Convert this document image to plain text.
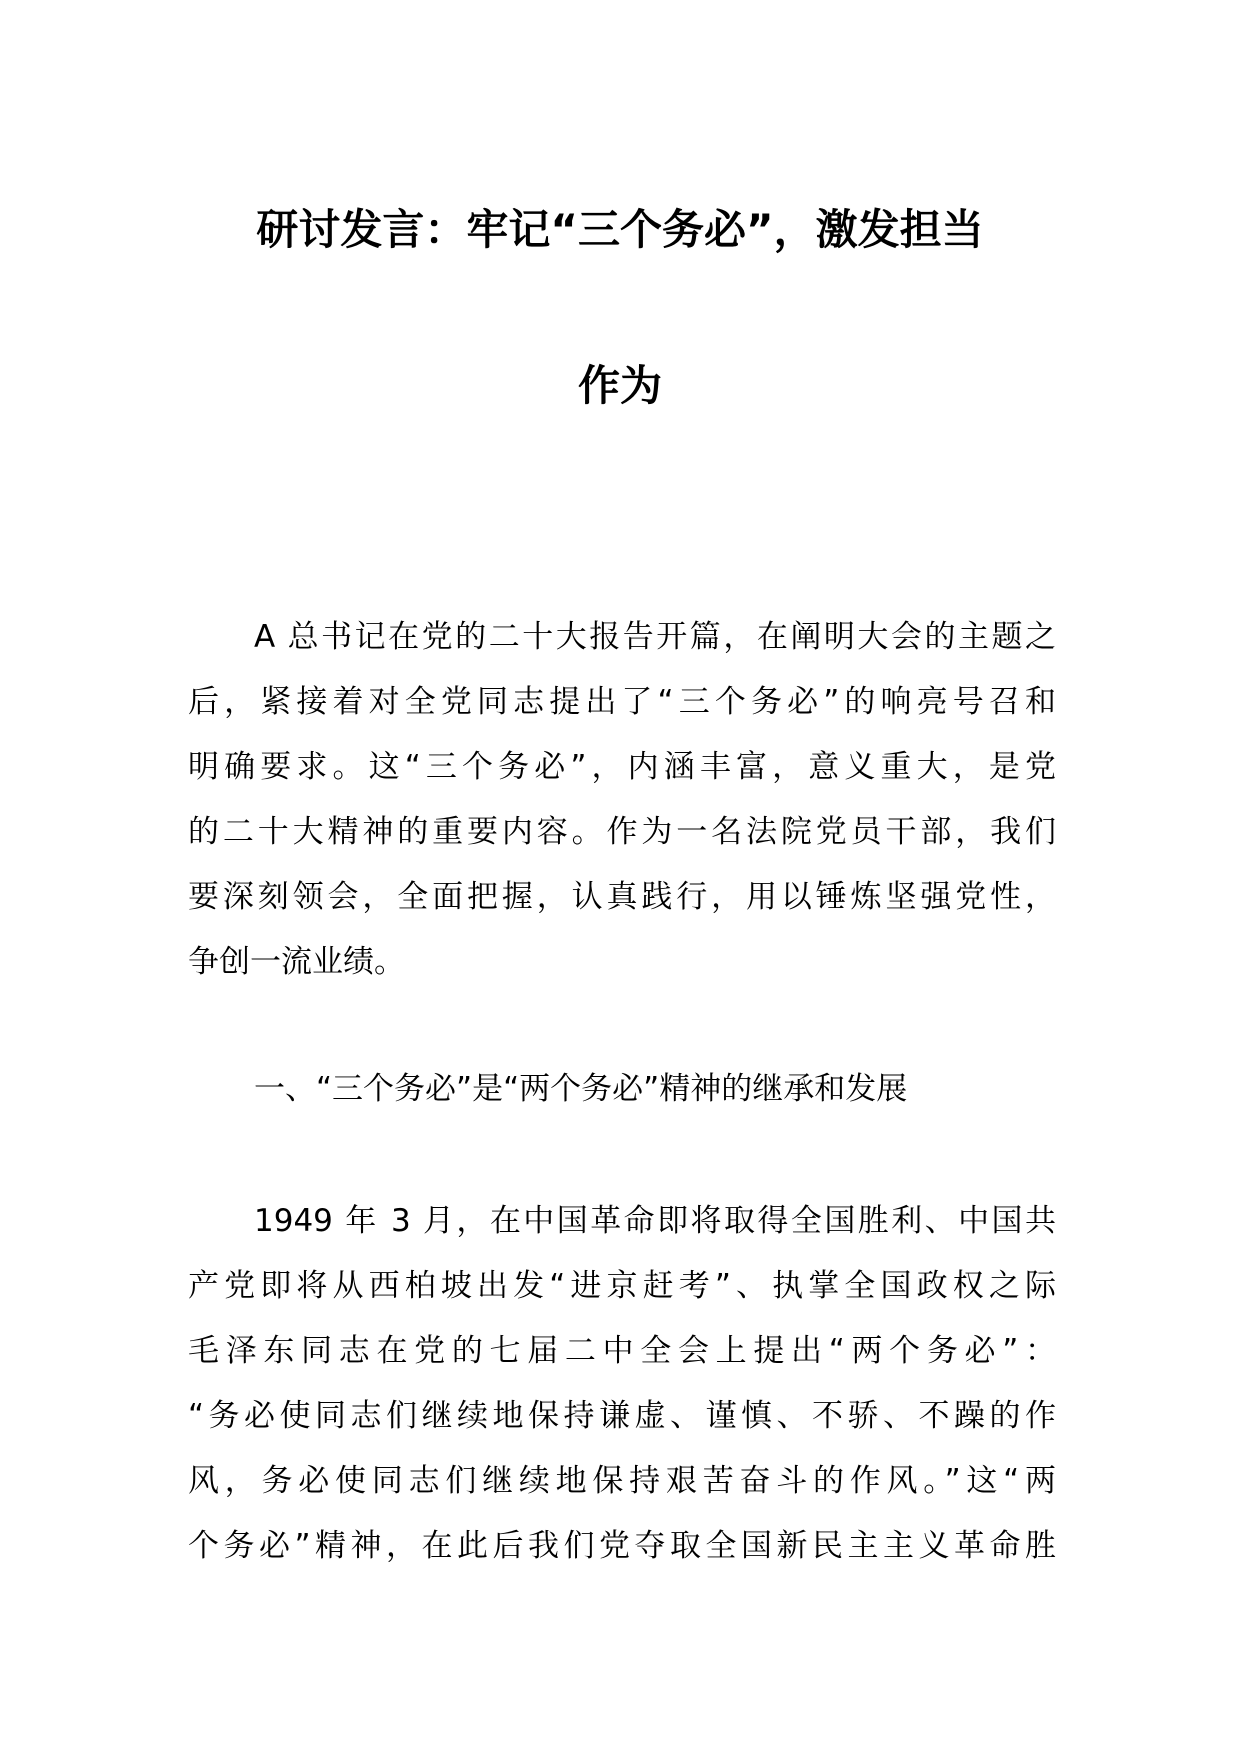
研讨发言：牢记“三个务必”，激发担当
作为
A 总书记在党的二十大报告开篇，在阐明大会的主题之
后，紧接着对全党同志提出了“三个务必”的响亮号召和
明确要求。这“三个务必”，内涵丰富，意义重大，是党
的二十大精神的重要内容。作为一名法院党员干部，我们
要深刻领会，全面把握，认真践行，用以锤炼坚强党性，
争创一流业绩。
一、“三个务必”是“两个务必”精神的继承和发展
1949 年 3 月，在中国革命即将取得全国胜利、中国共
产党即将从西柏坡出发“进京赶考”、执掌全国政权之际
毛泽东同志在党的七届二中全会上提出“两个务必”：
“务必使同志们继续地保持谦虚、谨慎、不骄、不躁的作
风，务必使同志们继续地保持艰苦奋斗的作风。”这“两
个务必”精神，在此后我们党夺取全国新民主主义革命胜
